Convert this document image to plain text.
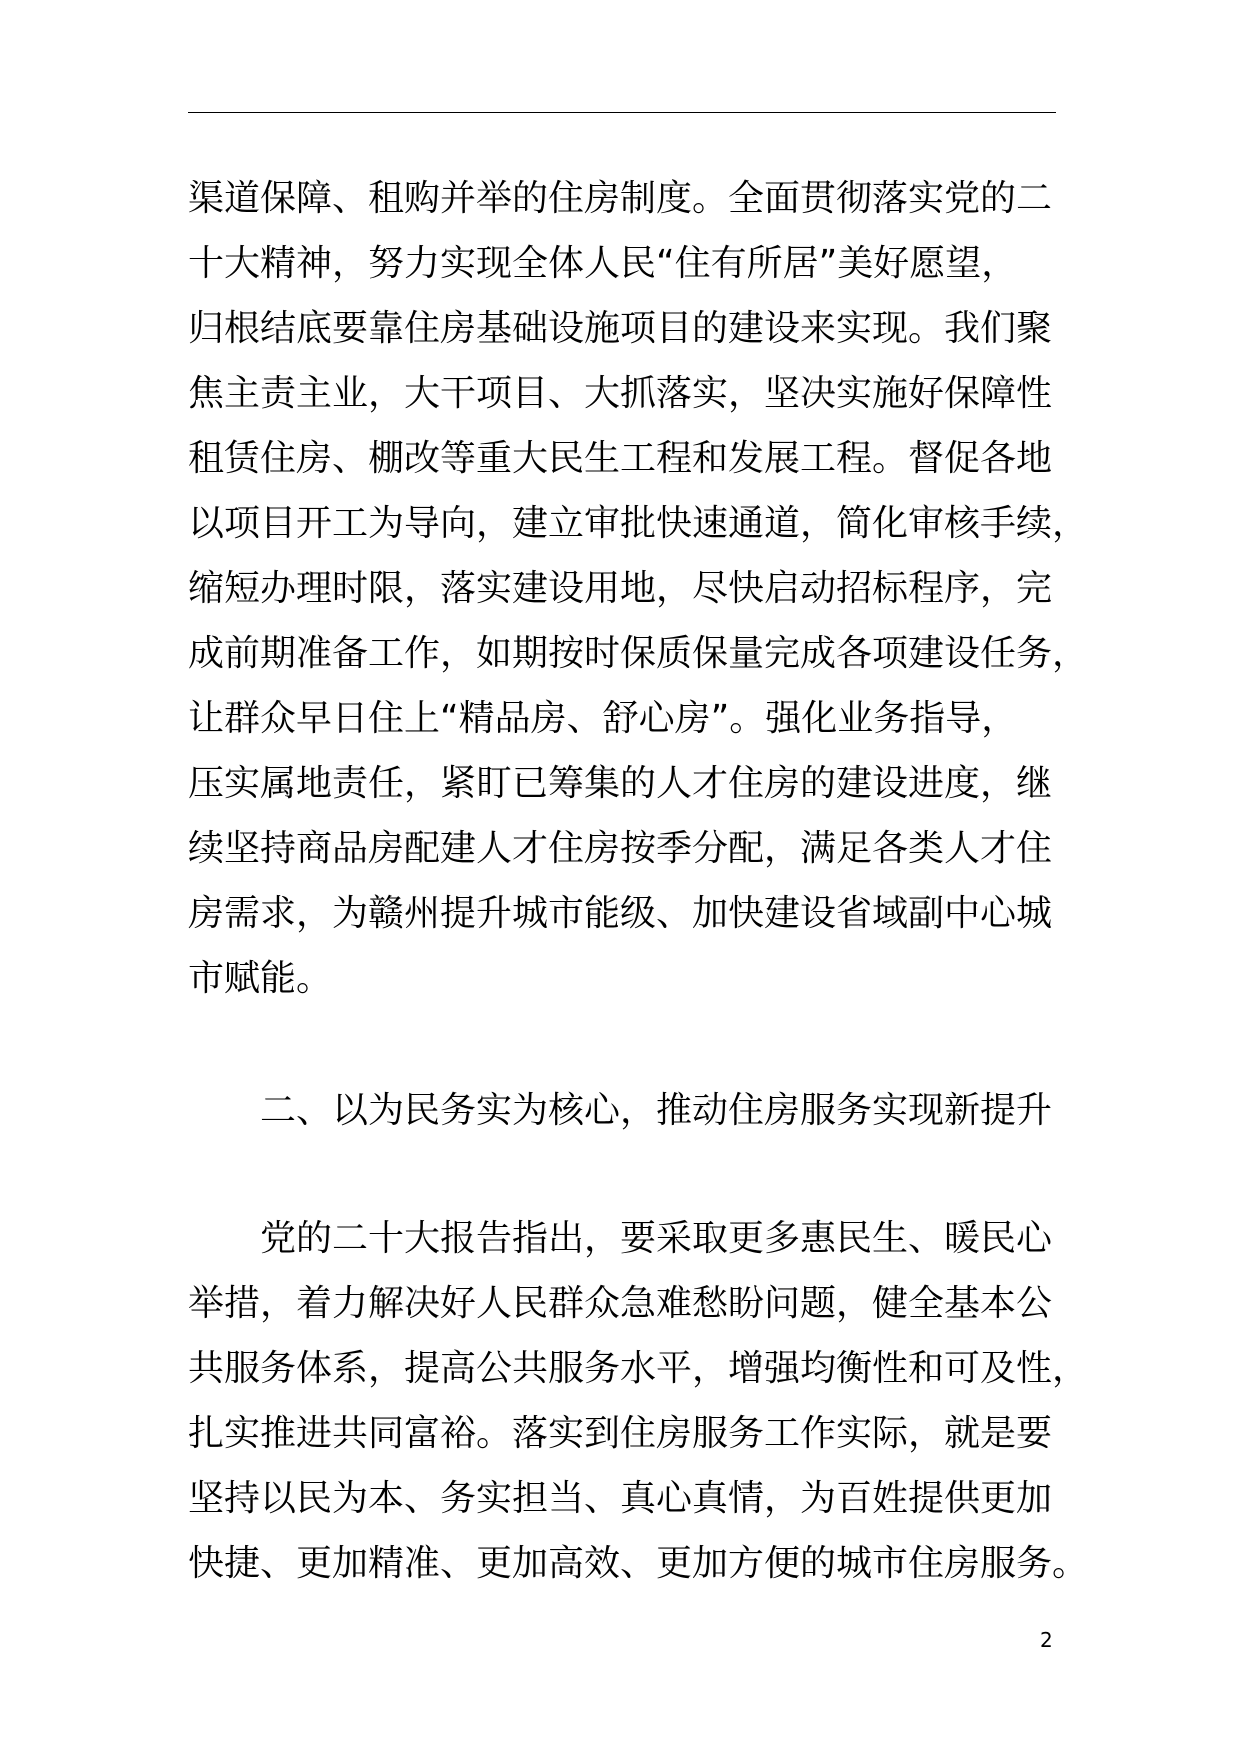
渠道保障、租购并举的住房制度。全面贯彻落实党的二
十大精神，努力实现全体人民“住有所居”美好愿望，
归根结底要靠住房基础设施项目的建设来实现。我们聚
焦主责主业，大干项目、大抓落实，坚决实施好保障性
租赁住房、棚改等重大民生工程和发展工程。督促各地
以项目开工为导向，建立审批快速通道，简化审核手续，
缩短办理时限，落实建设用地，尽快启动招标程序，完
成前期准备工作，如期按时保质保量完成各项建设任务，
让群众早日住上“精品房、舒心房”。强化业务指导，
压实属地责任，紧盯已筹集的人才住房的建设进度，继
续坚持商品房配建人才住房按季分配，满足各类人才住
房需求，为赣州提升城市能级、加快建设省域副中心城
市赋能。
二、以为民务实为核心，推动住房服务实现新提升
　　党的二十大报告指出，要采取更多惠民生、暖民心
举措，着力解决好人民群众急难愁盼问题，健全基本公
共服务体系，提高公共服务水平，增强均衡性和可及性，
扎实推进共同富裕。落实到住房服务工作实际，就是要
坚持以民为本、务实担当、真心真情，为百姓提供更加
快捷、更加精准、更加高效、更加方便的城市住房服务。
2
